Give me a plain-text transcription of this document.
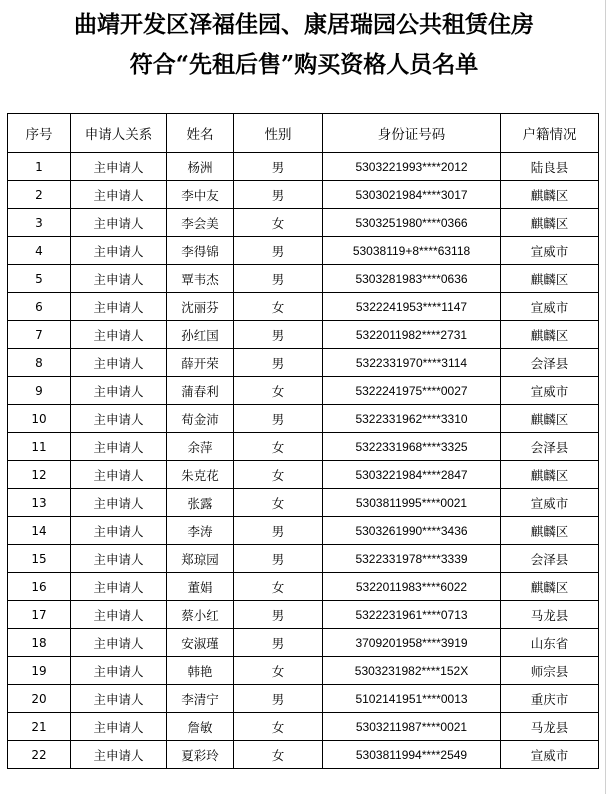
曲靖开发区泽福佳园、康居瑞园公共租赁住房
符合“先租后售”购买资格人员名单
序号	申请人关系	姓名	性别	身份证号码	户籍情况
1	主申请人	杨洲	男	5303221993****2012	陆良县
2	主申请人	李中友	男	5303021984****3017	麒麟区
3	主申请人	李会美	女	5303251980****0366	麒麟区
4	主申请人	李得锦	男	53038119+8****63118	宣威市
5	主申请人	覃韦杰	男	5303281983****0636	麒麟区
6	主申请人	沈丽芬	女	5322241953****1147	宣威市
7	主申请人	孙红国	男	5322011982****2731	麒麟区
8	主申请人	薛开荣	男	5322331970****3114	会泽县
9	主申请人	蒲春利	女	5322241975****0027	宣威市
10	主申请人	荀金沛	男	5322331962****3310	麒麟区
11	主申请人	余萍	女	5322331968****3325	会泽县
12	主申请人	朱克花	女	5303221984****2847	麒麟区
13	主申请人	张露	女	5303811995****0021	宣威市
14	主申请人	李涛	男	5303261990****3436	麒麟区
15	主申请人	郑琼园	男	5322331978****3339	会泽县
16	主申请人	董娟	女	5322011983****6022	麒麟区
17	主申请人	蔡小红	男	5322231961****0713	马龙县
18	主申请人	安淑瑾	男	3709201958****3919	山东省
19	主申请人	韩艳	女	5303231982****152X	师宗县
20	主申请人	李清宁	男	5102141951****0013	重庆市
21	主申请人	詹敏	女	5303211987****0021	马龙县
22	主申请人	夏彩玲	女	5303811994****2549	宣威市
